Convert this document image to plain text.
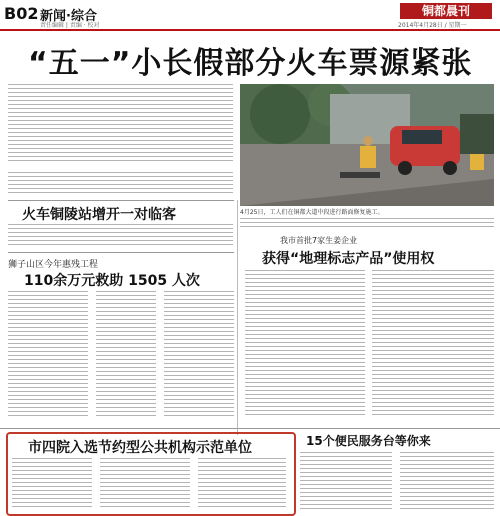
B02 新闻·综合
责任编辑 | 责编 · 校对
铜都晨刊
2014年4月28日 / 星期一
“五一”小长假部分火车票源紧张
4月25日，工人们在铜都大道中段进行路面修复施工。
火车铜陵站增开一对临客
狮子山区今年惠残工程
110余万元救助 1505 人次
我市首批7家生姜企业
获得“地理标志产品”使用权
市四院入选节约型公共机构示范单位	15个便民服务台等你来
